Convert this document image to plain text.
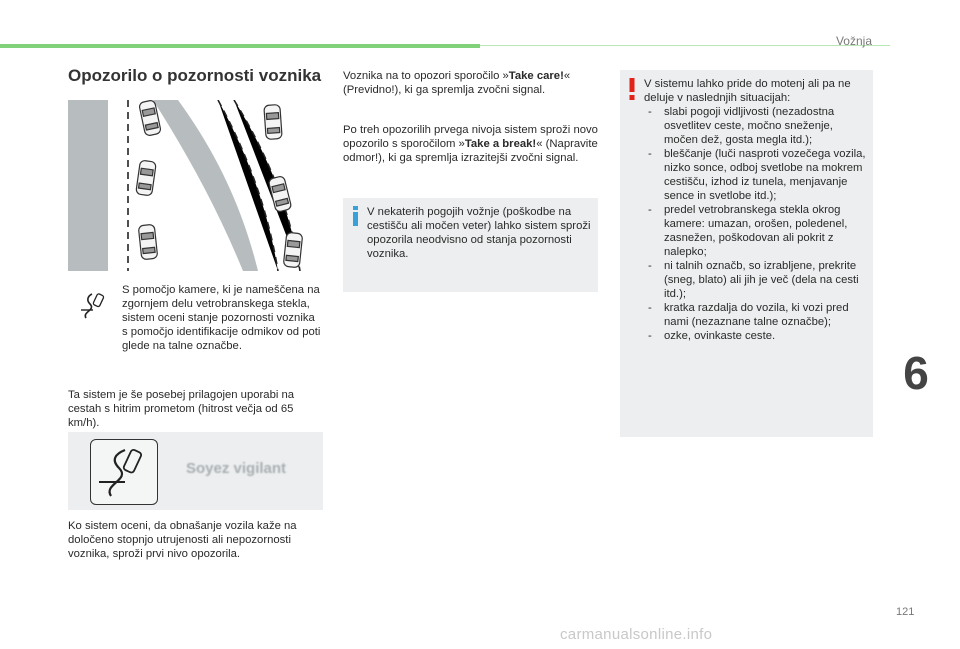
Vožnja
Opozorilo o pozornosti voznika
S pomočjo kamere, ki je nameščena na zgornjem delu vetrobranskega stekla, sistem oceni stanje pozornosti voznika s pomočjo identifikacije odmikov od poti glede na talne označbe.
Ta sistem je še posebej prilagojen uporabi na cestah s hitrim prometom (hitrost večja od 65 km/h).
Soyez vigilant
Ko sistem oceni, da obnašanje vozila kaže na določeno stopnjo utrujenosti ali nepozornosti voznika, sproži prvi nivo opozorila.
Voznika na to opozori sporočilo »Take care!« (Previdno!), ki ga spremlja zvočni signal.
Po treh opozorilih prvega nivoja sistem sproži novo opozorilo s sporočilom »Take a break!« (Napravite odmor!), ki ga spremlja izrazitejši zvočni signal.
V nekaterih pogojih vožnje (poškodbe na cestišču ali močen veter) lahko sistem sproži opozorila neodvisno od stanja pozornosti voznika.
V sistemu lahko pride do motenj ali pa ne deluje v naslednjih situacijah:
- slabi pogoji vidljivosti (nezadostna osvetlitev ceste, močno sneženje, močen dež, gosta megla itd.);
- bleščanje (luči nasproti vozečega vozila, nizko sonce, odboj svetlobe na mokrem cestišču, izhod iz tunela, menjavanje sence in svetlobe itd.);
- predel vetrobranskega stekla okrog kamere: umazan, orošen, poledenel, zasnežen, poškodovan ali pokrit z nalepko;
- ni talnih označb, so izrabljene, prekrite (sneg, blato) ali jih je več (dela na cesti itd.);
- kratka razdalja do vozila, ki vozi pred nami (nezaznane talne označbe);
- ozke, ovinkaste ceste.
6
121
carmanualsonline.info
